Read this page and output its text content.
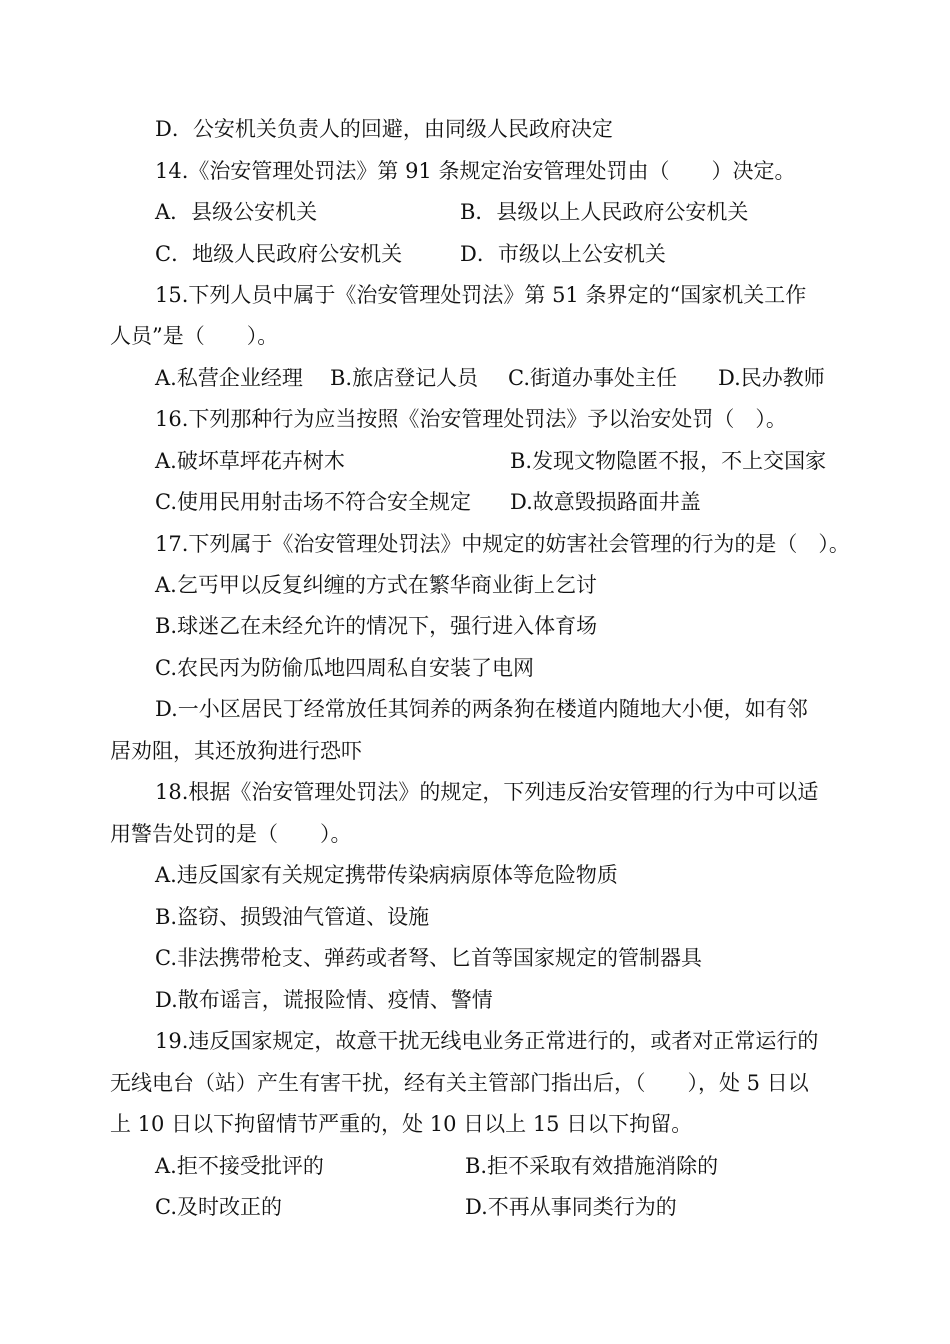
D．公安机关负责人的回避，由同级人民政府决定
14.《治安管理处罚法》第 91 条规定治安管理处罚由（　　）决定。
A．县级公安机关	B．县级以上人民政府公安机关
C．地级人民政府公安机关	D．市级以上公安机关
15.下列人员中属于《治安管理处罚法》第 51 条界定的“国家机关工作
人员”是（　　）。
A.私营企业经理 B.旅店登记人员 C.街道办事处主任 D.民办教师
16.下列那种行为应当按照《治安管理处罚法》予以治安处罚（　）。
A.破坏草坪花卉树木	B.发现文物隐匿不报，不上交国家
C.使用民用射击场不符合安全规定 D.故意毁损路面井盖
17.下列属于《治安管理处罚法》中规定的妨害社会管理的行为的是（　）。
A.乞丐甲以反复纠缠的方式在繁华商业街上乞讨
B.球迷乙在未经允许的情况下，强行进入体育场
C.农民丙为防偷瓜地四周私自安装了电网
D.一小区居民丁经常放任其饲养的两条狗在楼道内随地大小便，如有邻
居劝阻，其还放狗进行恐吓
18.根据《治安管理处罚法》的规定，下列违反治安管理的行为中可以适
用警告处罚的是（　　）。
A.违反国家有关规定携带传染病病原体等危险物质
B.盗窃、损毁油气管道、设施
C.非法携带枪支、弹药或者弩、匕首等国家规定的管制器具
D.散布谣言，谎报险情、疫情、警情
19.违反国家规定，故意干扰无线电业务正常进行的，或者对正常运行的
无线电台（站）产生有害干扰，经有关主管部门指出后，（　　），处 5 日以
上 10 日以下拘留情节严重的，处 10 日以上 15 日以下拘留。
A.拒不接受批评的	B.拒不采取有效措施消除的
C.及时改正的	D.不再从事同类行为的
